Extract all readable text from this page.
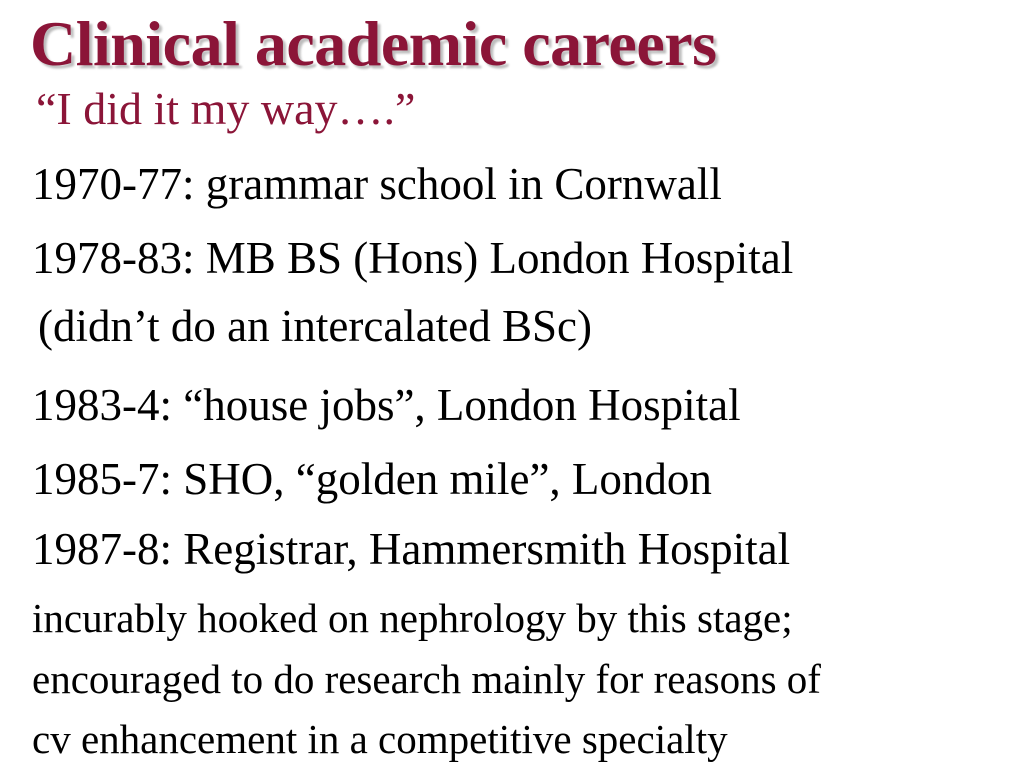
Clinical academic careers

“I did it my way….”

1970-77: grammar school in Cornwall

1978-83: MB BS (Hons) London Hospital

(didn’t do an intercalated BSc)

1983-4: “house jobs”, London Hospital

1985-7: SHO, “golden mile”, London

1987-8: Registrar, Hammersmith Hospital

incurably hooked on nephrology by this stage;

encouraged to do research mainly for reasons of

cv enhancement in a competitive specialty
